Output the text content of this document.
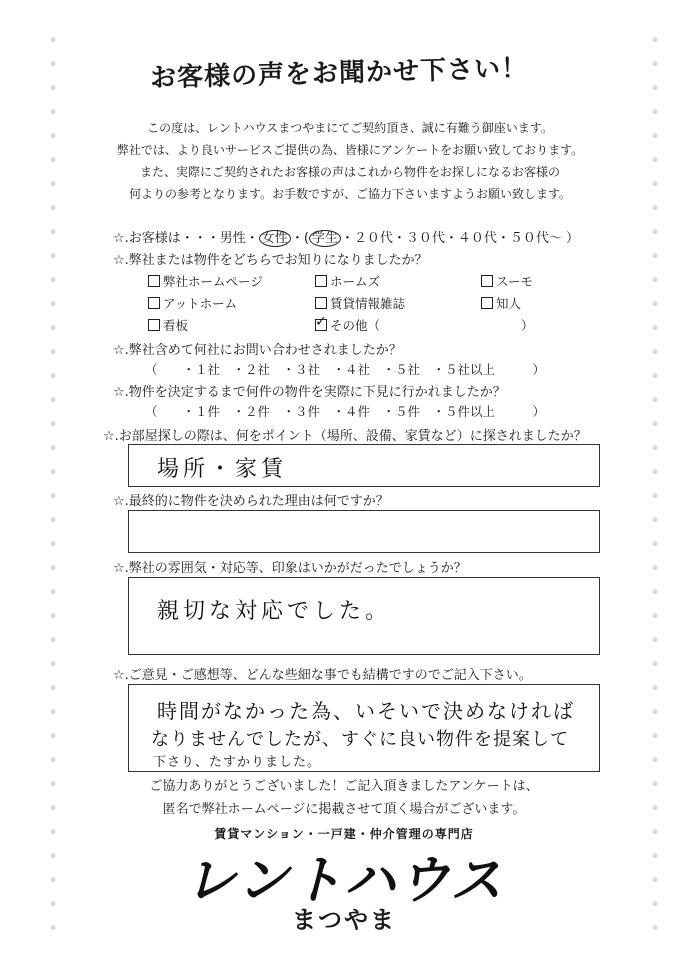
お客様の声をお聞かせ下さい！
この度は、レントハウスまつやまにてご契約頂き、誠に有難う御座います。
弊社では、より良いサービスご提供の為、皆様にアンケートをお願い致しております。
また、実際にご契約されたお客様の声はこれから物件をお探しになるお客様の
何よりの参考となります。お手数ですが、ご協力下さいますようお願い致します。
☆.お客様は・・・男性・ 女性 ・( 学生 ・２０代・３０代・４０代・５０代～ ）
☆.弊社または物件をどちらでお知りになりましたか？
弊社ホームページ	ホームズ	スーモ
アットホーム	賃貸情報雑誌	知人
看板
✓	その他（	）
☆.弊社含めて何社にお問い合わせされましたか？
（　　・１社　・２社　・３社　・４社　・５社　・５社以上　　　）
☆.物件を決定するまで何件の物件を実際に下見に行かれましたか？
（　　・１件　・２件　・３件　・４件　・５件　・５件以上　　　）
☆.お部屋探しの際は、何をポイント（場所、設備、家賃など）に探されましたか？
場所・家賃
☆.最終的に物件を決められた理由は何ですか？
☆.弊社の雰囲気・対応等、印象はいかがだったでしょうか？
親切な対応でした。
☆.ご意見・ご感想等、どんな些細な事でも結構ですのでご記入下さい。
時間がなかった為、いそいで決めなければ
なりませんでしたが、すぐに良い物件を提案して
下さり、たすかりました。
ご協力ありがとうございました！ご記入頂きましたアンケートは、
匿名で弊社ホームページに掲載させて頂く場合がございます。
賃貸マンション・一戸建・仲介管理の専門店
レントハウス
まつやま
